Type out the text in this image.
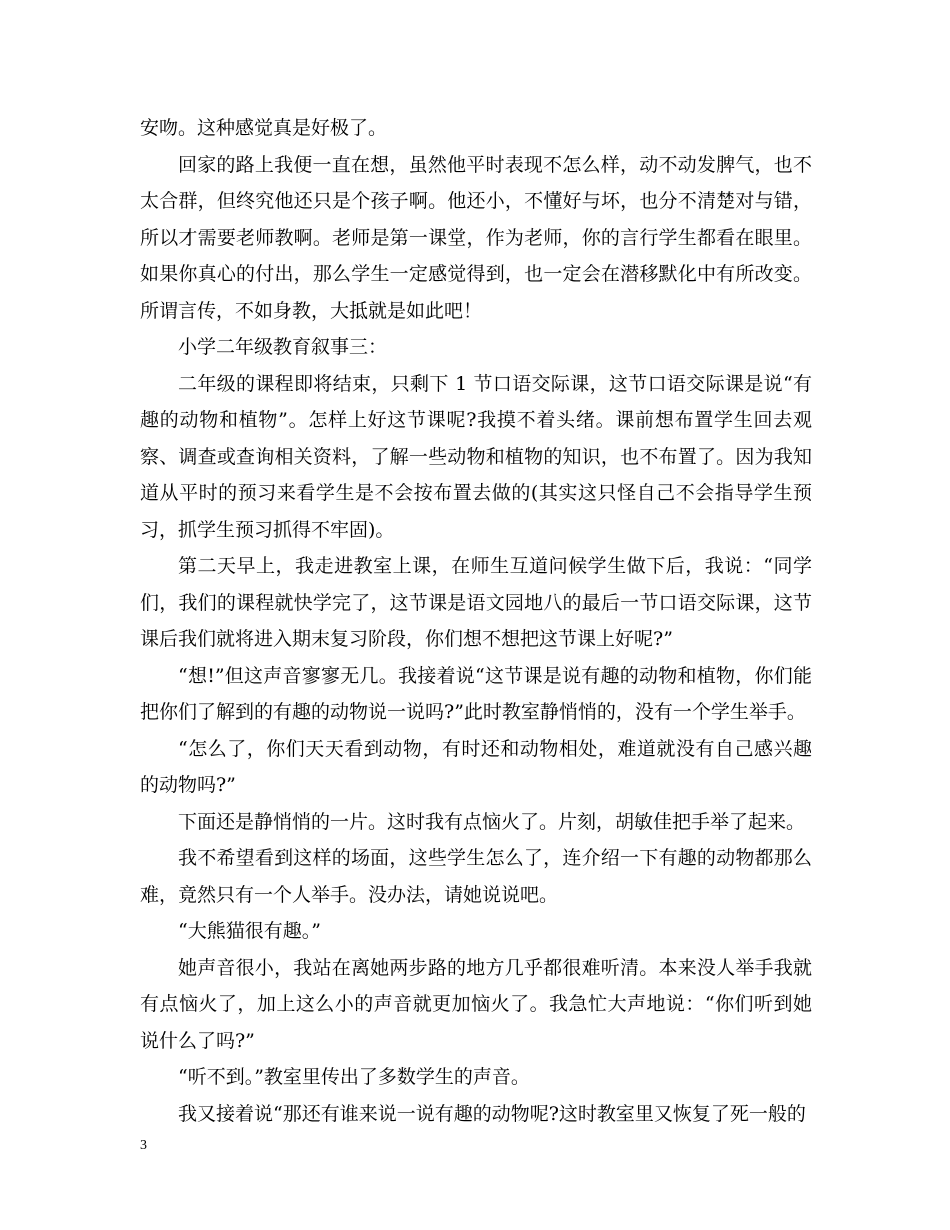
安吻。这种感觉真是好极了。

回家的路上我便一直在想，虽然他平时表现不怎么样，动不动发脾气，也不太合群，但终究他还只是个孩子啊。他还小，不懂好与坏，也分不清楚对与错，所以才需要老师教啊。老师是第一课堂，作为老师，你的言行学生都看在眼里。如果你真心的付出，那么学生一定感觉得到，也一定会在潜移默化中有所改变。所谓言传，不如身教，大抵就是如此吧！

小学二年级教育叙事三：

二年级的课程即将结束，只剩下 1 节口语交际课，这节口语交际课是说“有趣的动物和植物”。怎样上好这节课呢?我摸不着头绪。课前想布置学生回去观察、调查或查询相关资料，了解一些动物和植物的知识，也不布置了。因为我知道从平时的预习来看学生是不会按布置去做的(其实这只怪自己不会指导学生预习，抓学生预习抓得不牢固)。

第二天早上，我走进教室上课，在师生互道问候学生做下后，我说：“同学们，我们的课程就快学完了，这节课是语文园地八的最后一节口语交际课，这节课后我们就将进入期末复习阶段，你们想不想把这节课上好呢?”

“想!”但这声音寥寥无几。我接着说“这节课是说有趣的动物和植物，你们能把你们了解到的有趣的动物说一说吗?”此时教室静悄悄的，没有一个学生举手。

“怎么了，你们天天看到动物，有时还和动物相处，难道就没有自己感兴趣的动物吗?”

下面还是静悄悄的一片。这时我有点恼火了。片刻，胡敏佳把手举了起来。

我不希望看到这样的场面，这些学生怎么了，连介绍一下有趣的动物都那么难，竟然只有一个人举手。没办法，请她说说吧。

“大熊猫很有趣。”

她声音很小，我站在离她两步路的地方几乎都很难听清。本来没人举手我就有点恼火了，加上这么小的声音就更加恼火了。我急忙大声地说：“你们听到她说什么了吗?”

“听不到。”教室里传出了多数学生的声音。

我又接着说“那还有谁来说一说有趣的动物呢?这时教室里又恢复了死一般的

3
